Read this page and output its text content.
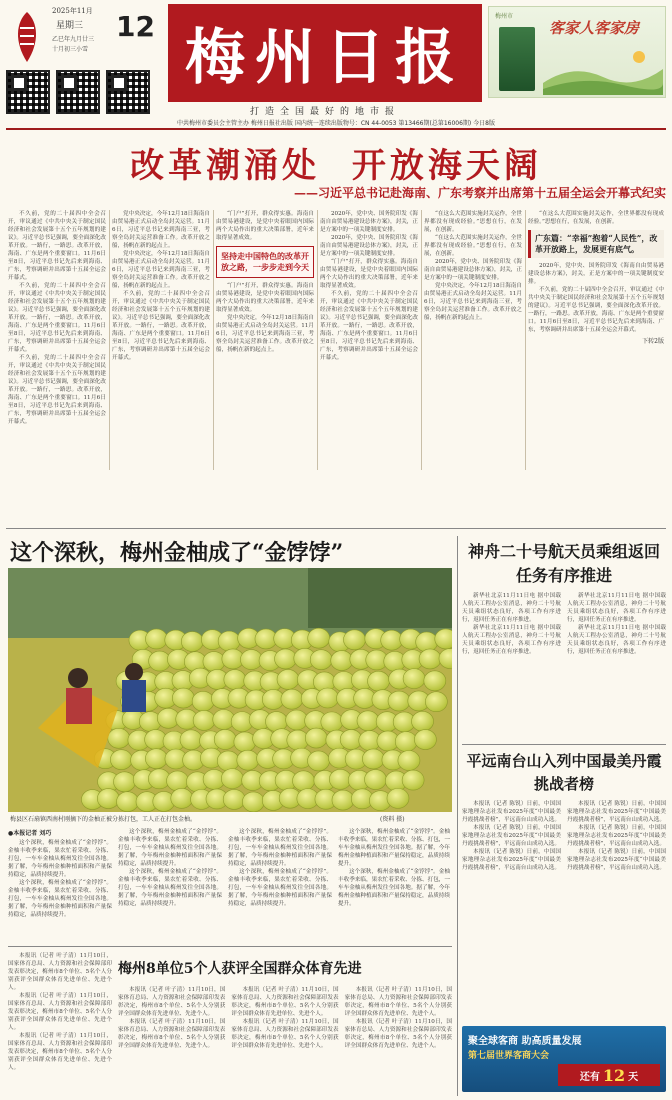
2025年11月
星期三 12
乙巳年九月廿三
十月初三小雪 梅州日报
打造全国最好的地市报
梅州市
客家人客家房
中共梅州市委员会主管主办 梅州日报社出版 国内统一连续出版物号：CN 44-0053 第13466期(总第16006期) 今日8版
改革潮涌处  开放海天阔
——习近平总书记赴海南、广东考察并出席第十五届全运会开幕式纪实

不久前，党的二十届四中全会召开，审议通过《中共中央关于制定国民经济和社会发展第十五个五年规划的建议》。习近平总书记强调，要全面深化改革开放。一路行，一路思。改革开放，海南、广东是两个重要窗口。11月6日至8日，习近平总书记先后来到海南、广东，考察调研并出席第十五届全运会开幕式。

不久前，党的二十届四中全会召开，审议通过《中共中央关于制定国民经济和社会发展第十五个五年规划的建议》。习近平总书记强调，要全面深化改革开放。一路行，一路思。改革开放，海南、广东是两个重要窗口。11月6日至8日，习近平总书记先后来到海南、广东，考察调研并出席第十五届全运会开幕式。

不久前，党的二十届四中全会召开，审议通过《中共中央关于制定国民经济和社会发展第十五个五年规划的建议》。习近平总书记强调，要全面深化改革开放。一路行，一路思。改革开放，海南、广东是两个重要窗口。11月6日至8日，习近平总书记先后来到海南、广东，考察调研并出席第十五届全运会开幕式。

党中央决定，今年12月18日海南自由贸易港正式启动全岛封关运营。11月6日，习近平总书记来到海南三亚，考察全岛封关运营准备工作。改革开放之船，扬帆在新的起点上。

党中央决定，今年12月18日海南自由贸易港正式启动全岛封关运营。11月6日，习近平总书记来到海南三亚，考察全岛封关运营准备工作。改革开放之船，扬帆在新的起点上。

不久前，党的二十届四中全会召开，审议通过《中共中央关于制定国民经济和社会发展第十五个五年规划的建议》。习近平总书记强调，要全面深化改革开放。一路行，一路思。改革开放，海南、广东是两个重要窗口。11月6日至8日，习近平总书记先后来到海南、广东，考察调研并出席第十五届全运会开幕式。

“门户”打开，群众得实惠。海南自由贸易港建设，是党中央着眼国内国际两个大局作出的重大决策部署，近年来取得显著成效。

坚持走中国特色的改革开放之路，一步步走到今天

“门户”打开，群众得实惠。海南自由贸易港建设，是党中央着眼国内国际两个大局作出的重大决策部署，近年来取得显著成效。

党中央决定，今年12月18日海南自由贸易港正式启动全岛封关运营。11月6日，习近平总书记来到海南三亚，考察全岛封关运营准备工作。改革开放之船，扬帆在新的起点上。

2020年，党中央、国务院印发《海南自由贸易港建设总体方案》，封关，正是方案中的一项关键制度安排。

2020年，党中央、国务院印发《海南自由贸易港建设总体方案》，封关，正是方案中的一项关键制度安排。

“门户”打开，群众得实惠。海南自由贸易港建设，是党中央着眼国内国际两个大局作出的重大决策部署，近年来取得显著成效。

不久前，党的二十届四中全会召开，审议通过《中共中央关于制定国民经济和社会发展第十五个五年规划的建议》。习近平总书记强调，要全面深化改革开放。一路行，一路思。改革开放，海南、广东是两个重要窗口。11月6日至8日，习近平总书记先后来到海南、广东，考察调研并出席第十五届全运会开幕式。

“在这么大范围实施封关运作，全世界都没有现成经验。”思想在行，在发展，在创新。

“在这么大范围实施封关运作，全世界都没有现成经验。”思想在行，在发展，在创新。

2020年，党中央、国务院印发《海南自由贸易港建设总体方案》，封关，正是方案中的一项关键制度安排。

党中央决定，今年12月18日海南自由贸易港正式启动全岛封关运营。11月6日，习近平总书记来到海南三亚，考察全岛封关运营准备工作。改革开放之船，扬帆在新的起点上。

“在这么大范围实施封关运作，全世界都没有现成经验。”思想在行，在发展，在创新。

广东篇：“幸福”抱着“人民性”，改革开放路上，发展更有底气。

2020年，党中央、国务院印发《海南自由贸易港建设总体方案》，封关，正是方案中的一项关键制度安排。

不久前，党的二十届四中全会召开，审议通过《中共中央关于制定国民经济和社会发展第十五个五年规划的建议》。习近平总书记强调，要全面深化改革开放。一路行，一路思。改革开放，海南、广东是两个重要窗口。11月6日至8日，习近平总书记先后来到海南、广东，考察调研并出席第十五届全运会开幕式。

下转2版
这个深秋，梅州金柚成了“金饽饽”
梅县区石扇镇西南村刚摘下的金柚正被分拣打包，工人正在打包金柚。	(资料 摄)
●本报记者 刘巧

这个深秋，梅州金柚成了“金饽饽”。金柚丰收季来临，果农忙着采收、分拣、打包，一车车金柚从梅州发往全国各地。据了解，今年梅州金柚种植面积和产量保持稳定，品质持续提升。

这个深秋，梅州金柚成了“金饽饽”。金柚丰收季来临，果农忙着采收、分拣、打包，一车车金柚从梅州发往全国各地。据了解，今年梅州金柚种植面积和产量保持稳定，品质持续提升。

这个深秋，梅州金柚成了“金饽饽”。金柚丰收季来临，果农忙着采收、分拣、打包，一车车金柚从梅州发往全国各地。据了解，今年梅州金柚种植面积和产量保持稳定，品质持续提升。

这个深秋，梅州金柚成了“金饽饽”。金柚丰收季来临，果农忙着采收、分拣、打包，一车车金柚从梅州发往全国各地。据了解，今年梅州金柚种植面积和产量保持稳定，品质持续提升。

这个深秋，梅州金柚成了“金饽饽”。金柚丰收季来临，果农忙着采收、分拣、打包，一车车金柚从梅州发往全国各地。据了解，今年梅州金柚种植面积和产量保持稳定，品质持续提升。

这个深秋，梅州金柚成了“金饽饽”。金柚丰收季来临，果农忙着采收、分拣、打包，一车车金柚从梅州发往全国各地。据了解，今年梅州金柚种植面积和产量保持稳定，品质持续提升。

这个深秋，梅州金柚成了“金饽饽”。金柚丰收季来临，果农忙着采收、分拣、打包，一车车金柚从梅州发往全国各地。据了解，今年梅州金柚种植面积和产量保持稳定，品质持续提升。

这个深秋，梅州金柚成了“金饽饽”。金柚丰收季来临，果农忙着采收、分拣、打包，一车车金柚从梅州发往全国各地。据了解，今年梅州金柚种植面积和产量保持稳定，品质持续提升。

神舟二十号航天员乘组返回任务有序推进

新华社北京11月11日电 据中国载人航天工程办公室消息，神舟二十号航天员乘组状态良好，各项工作有序进行，返回任务正在有序推进。

新华社北京11月11日电 据中国载人航天工程办公室消息，神舟二十号航天员乘组状态良好，各项工作有序进行，返回任务正在有序推进。

新华社北京11月11日电 据中国载人航天工程办公室消息，神舟二十号航天员乘组状态良好，各项工作有序进行，返回任务正在有序推进。

新华社北京11月11日电 据中国载人航天工程办公室消息，神舟二十号航天员乘组状态良好，各项工作有序进行，返回任务正在有序推进。

平远南台山入列中国最美丹霞挑战者榜

本报讯（记者 陈锐）日前，中国国家地理杂志社发布2025年度“中国最美丹霞挑战者榜”，平远南台山成功入选。

本报讯（记者 陈锐）日前，中国国家地理杂志社发布2025年度“中国最美丹霞挑战者榜”，平远南台山成功入选。

本报讯（记者 陈锐）日前，中国国家地理杂志社发布2025年度“中国最美丹霞挑战者榜”，平远南台山成功入选。

本报讯（记者 陈锐）日前，中国国家地理杂志社发布2025年度“中国最美丹霞挑战者榜”，平远南台山成功入选。

本报讯（记者 陈锐）日前，中国国家地理杂志社发布2025年度“中国最美丹霞挑战者榜”，平远南台山成功入选。

本报讯（记者 陈锐）日前，中国国家地理杂志社发布2025年度“中国最美丹霞挑战者榜”，平远南台山成功入选。

聚全球客商 助高质量发展
第七届世界客商大会
还有 12 天

本报讯（记者 叶子清）11月10日，国家体育总局、人力资源和社会保障部印发表彰决定，梅州市8个单位、5名个人分别获评全国群众体育先进单位、先进个人。

本报讯（记者 叶子清）11月10日，国家体育总局、人力资源和社会保障部印发表彰决定，梅州市8个单位、5名个人分别获评全国群众体育先进单位、先进个人。

本报讯（记者 叶子清）11月10日，国家体育总局、人力资源和社会保障部印发表彰决定，梅州市8个单位、5名个人分别获评全国群众体育先进单位、先进个人。

梅州8单位5个人获评全国群众体育先进

本报讯（记者 叶子清）11月10日，国家体育总局、人力资源和社会保障部印发表彰决定，梅州市8个单位、5名个人分别获评全国群众体育先进单位、先进个人。

本报讯（记者 叶子清）11月10日，国家体育总局、人力资源和社会保障部印发表彰决定，梅州市8个单位、5名个人分别获评全国群众体育先进单位、先进个人。

本报讯（记者 叶子清）11月10日，国家体育总局、人力资源和社会保障部印发表彰决定，梅州市8个单位、5名个人分别获评全国群众体育先进单位、先进个人。

本报讯（记者 叶子清）11月10日，国家体育总局、人力资源和社会保障部印发表彰决定，梅州市8个单位、5名个人分别获评全国群众体育先进单位、先进个人。

本报讯（记者 叶子清）11月10日，国家体育总局、人力资源和社会保障部印发表彰决定，梅州市8个单位、5名个人分别获评全国群众体育先进单位、先进个人。

本报讯（记者 叶子清）11月10日，国家体育总局、人力资源和社会保障部印发表彰决定，梅州市8个单位、5名个人分别获评全国群众体育先进单位、先进个人。
